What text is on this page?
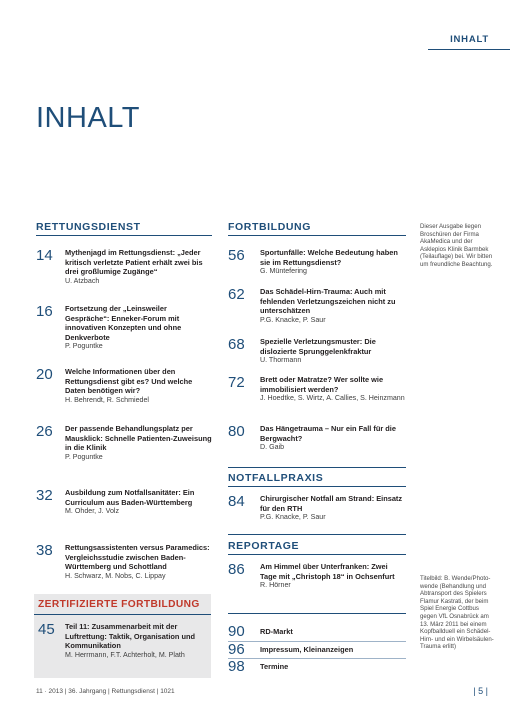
INHALT
INHALT
RETTUNGSDIENST
14	Mythenjagd im Rettungsdienst: „Jeder kritisch verletzte Patient erhält zwei bis drei großlumige Zugänge“
U. Atzbach
16	Fortsetzung der „Leinsweiler Gespräche“: Enneker-Forum mit innovativen Konzepten und ohne Denkverbote
P. Poguntke
20	Welche Informationen über den Rettungsdienst gibt es? Und welche Daten benötigen wir?
H. Behrendt, R. Schmiedel
26	Der passende Behandlungsplatz per Mausklick: Schnelle Patienten-Zuweisung in die Klinik
P. Poguntke
32	Ausbildung zum Notfallsanitäter: Ein Curriculum aus Baden-Württemberg
M. Ohder, J. Volz
38	Rettungsassistenten versus Paramedics: Vergleichsstudie zwischen Baden-Württemberg und Schottland
H. Schwarz, M. Nobs, C. Lippay
ZERTIFIZIERTE FORTBILDUNG
45	Teil 11: Zusammenarbeit mit der Luftrettung: Taktik, Organisation und Kommunikation
M. Herrmann, F.T. Achterholt, M. Plath
FORTBILDUNG
56	Sportunfälle: Welche Bedeutung haben sie im Rettungsdienst?
G. Müntefering
62	Das Schädel-Hirn-Trauma: Auch mit fehlenden Verletzungszeichen nicht zu unterschätzen
P.G. Knacke, P. Saur
68	Spezielle Verletzungsmuster: Die dislozierte Sprunggelenkfraktur
U. Thormann
72	Brett oder Matratze? Wer sollte wie immobilisiert werden?
J. Hoedtke, S. Wirtz, A. Callies, S. Heinzmann
80	Das Hängetrauma – Nur ein Fall für die Bergwacht?
D. Gaib
NOTFALLPRAXIS
84	Chirurgischer Notfall am Strand: Einsatz für den RTH
P.G. Knacke, P. Saur
REPORTAGE
86	Am Himmel über Unterfranken: Zwei Tage mit „Christoph 18“ in Ochsenfurt
R. Hörner
90	RD-Markt
96	Impressum, Kleinanzeigen
98	Termine
Dieser Ausgabe liegen Broschüren der Firma AkaMedica und der Asklepios Klinik Barmbek (Teilauflage) bei. Wir bitten um freundliche Beachtung.
Titelbild: B. Wende/Photo-wende (Behandlung und Abtransport des Spielers Flamur Kastrati, der beim Spiel Energie Cottbus gegen VfL Osnabrück am 13. März 2011 bei einem Kopfballduell ein Schädel-Hirn- und ein Wirbelsäulen-Trauma erlitt)
11 · 2013 | 36. Jahrgang | Rettungsdienst | 1021	| 5 |
